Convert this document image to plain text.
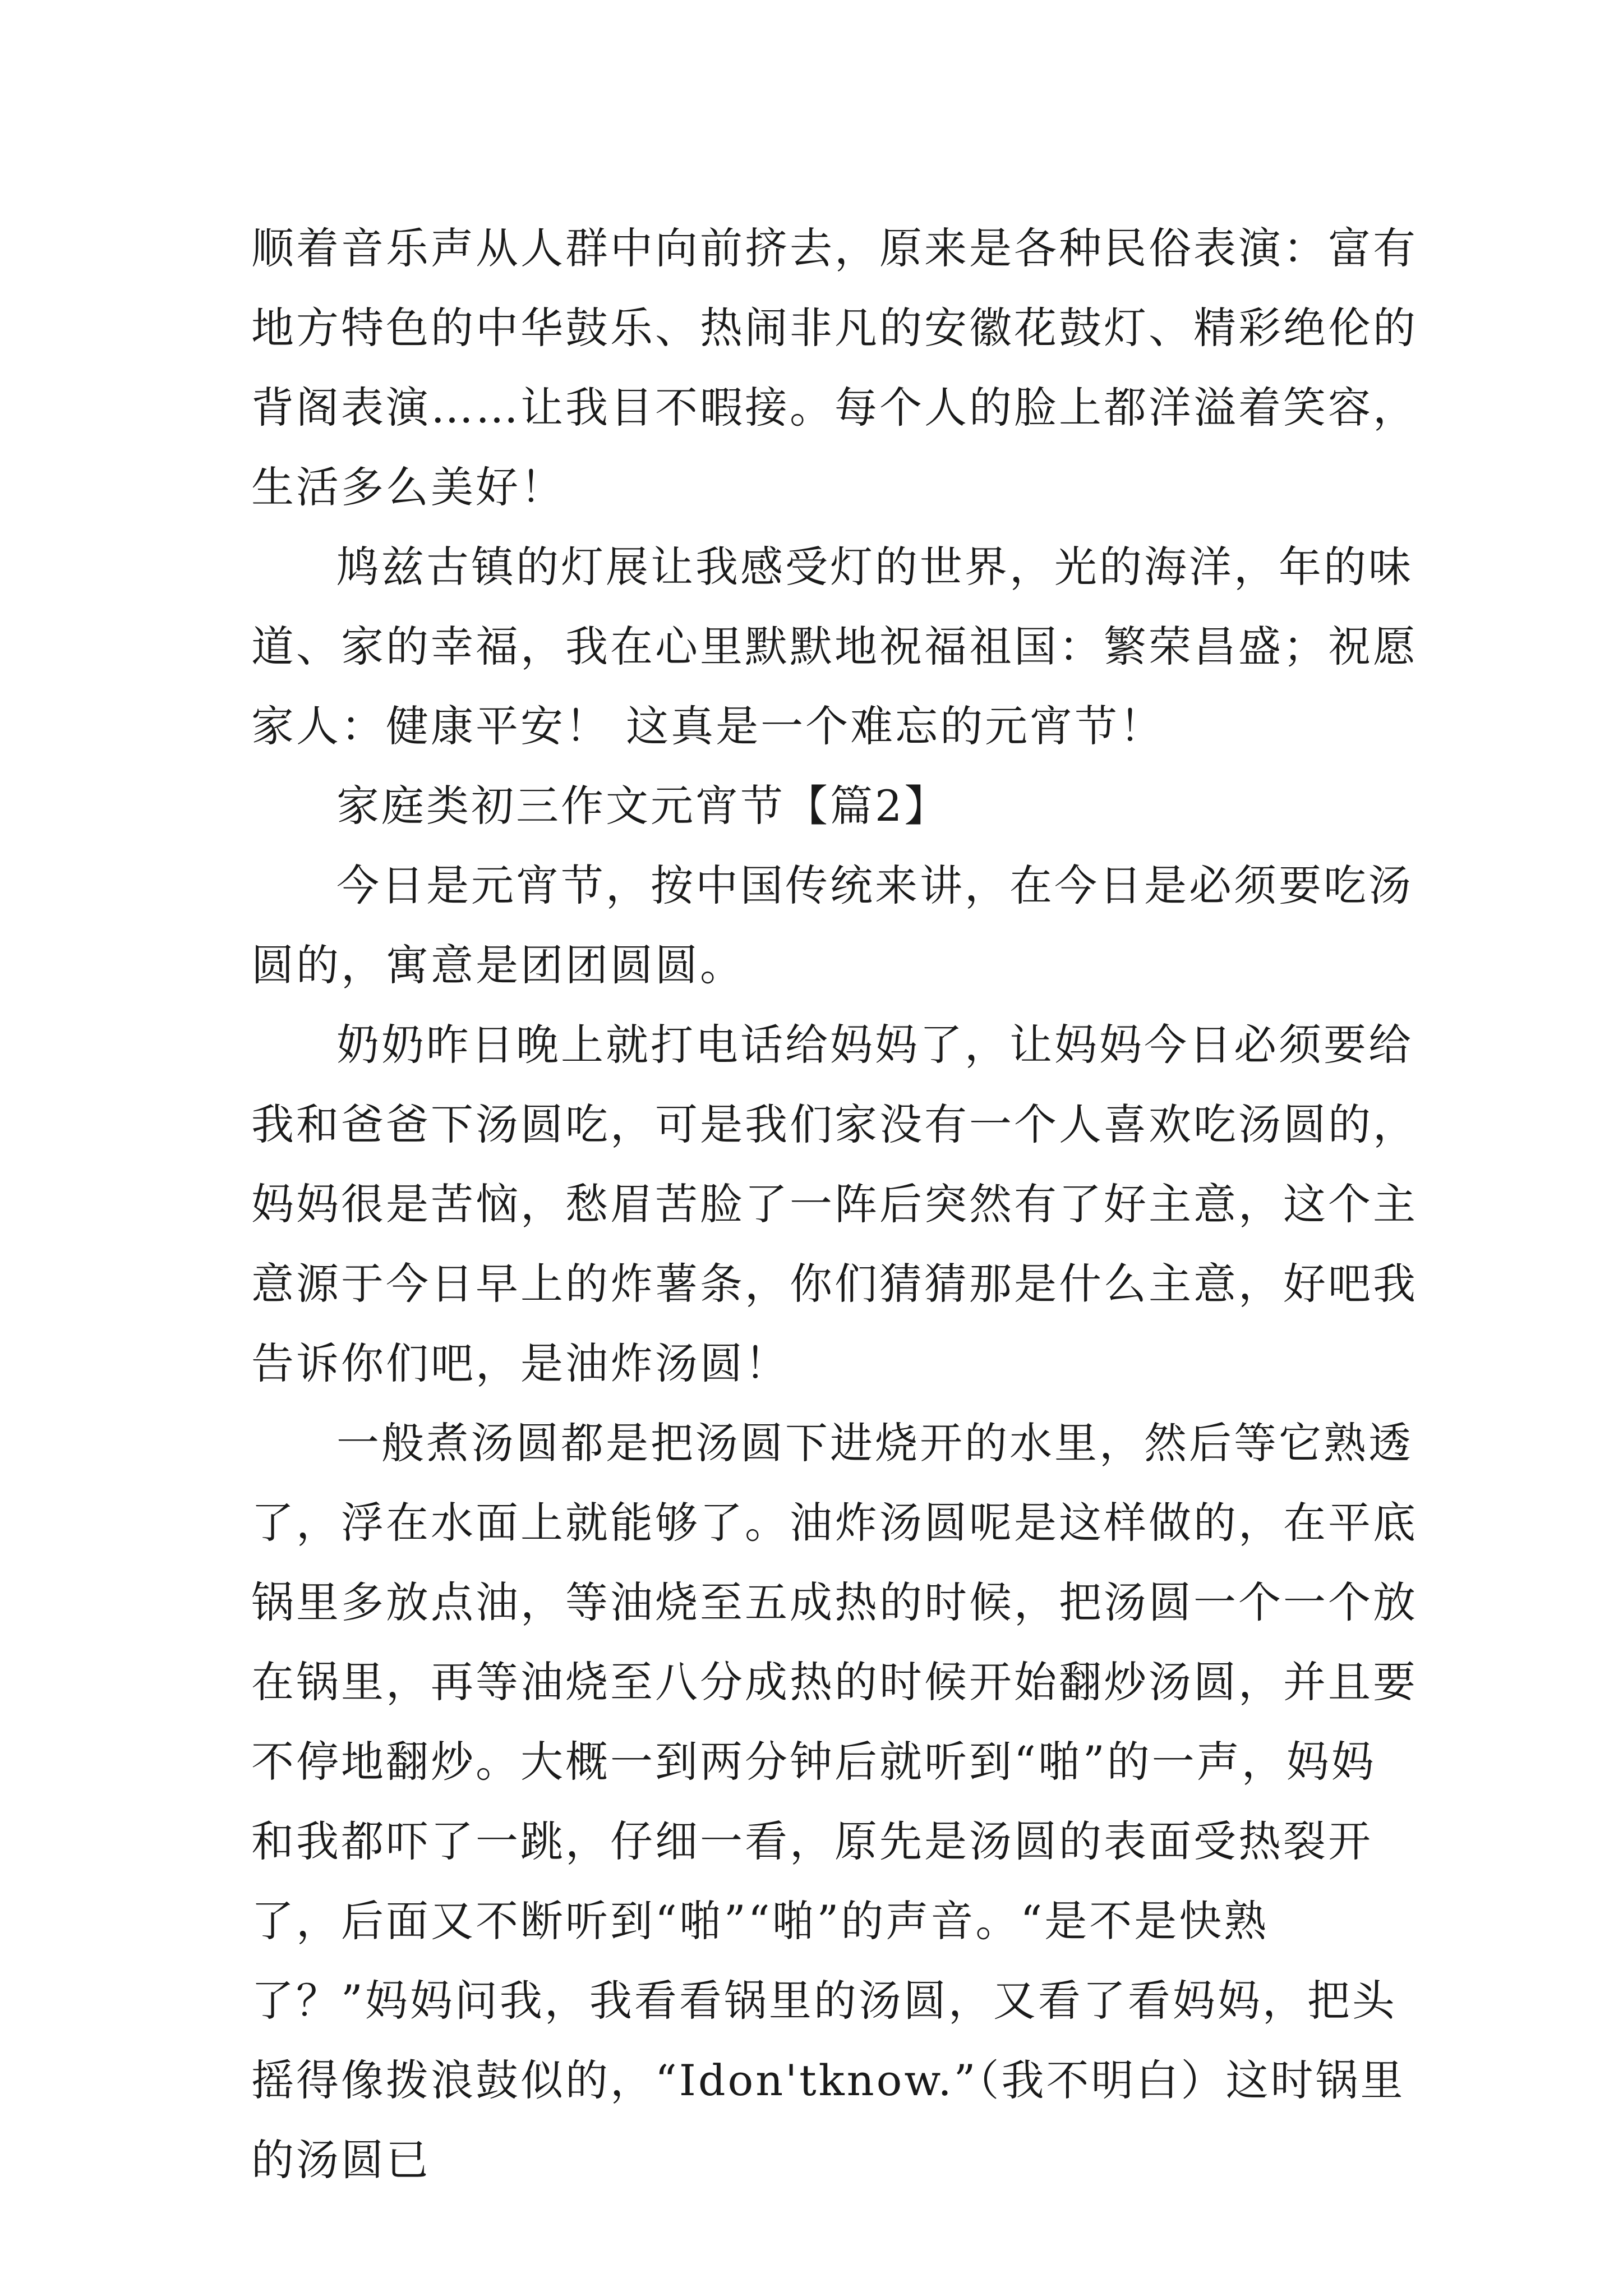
顺着音乐声从人群中向前挤去，原来是各种民俗表演：富有地方特色的中华鼓乐、热闹非凡的安徽花鼓灯、精彩绝伦的背阁表演……让我目不暇接。每个人的脸上都洋溢着笑容，生活多么美好！

鸠兹古镇的灯展让我感受灯的世界，光的海洋，年的味道、家的幸福，我在心里默默地祝福祖国：繁荣昌盛；祝愿家人：健康平安！ 这真是一个难忘的元宵节！

家庭类初三作文元宵节【篇2】

今日是元宵节，按中国传统来讲，在今日是必须要吃汤圆的，寓意是团团圆圆。

奶奶昨日晚上就打电话给妈妈了，让妈妈今日必须要给我和爸爸下汤圆吃，可是我们家没有一个人喜欢吃汤圆的，妈妈很是苦恼，愁眉苦脸了一阵后突然有了好主意，这个主意源于今日早上的炸薯条，你们猜猜那是什么主意，好吧我告诉你们吧，是油炸汤圆！

一般煮汤圆都是把汤圆下进烧开的水里，然后等它熟透了，浮在水面上就能够了。油炸汤圆呢是这样做的，在平底锅里多放点油，等油烧至五成热的时候，把汤圆一个一个放在锅里，再等油烧至八分成热的时候开始翻炒汤圆，并且要不停地翻炒。大概一到两分钟后就听到“啪”的一声，妈妈和我都吓了一跳，仔细一看，原先是汤圆的表面受热裂开了，后面又不断听到“啪”“啪”的声音。“是不是快熟了？”妈妈问我，我看看锅里的汤圆，又看了看妈妈，把头摇得像拨浪鼓似的，“Idon'tknow.”（我不明白）这时锅里的汤圆已
